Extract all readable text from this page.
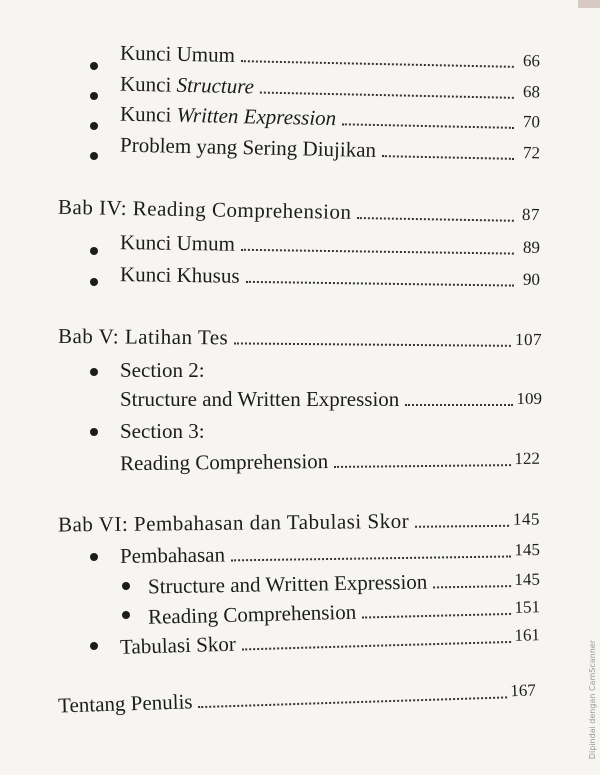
Kunci Umum	66
Kunci Structure	68
Kunci Written Expression	70
Problem yang Sering Diujikan	72
Bab IV: Reading Comprehension	87
Kunci Umum	89
Kunci Khusus	90
Bab V: Latihan Tes	107
Section 2:
Structure and Written Expression	109
Section 3:
Reading Comprehension	122
Bab VI: Pembahasan dan Tabulasi Skor	145
Pembahasan	145
Structure and Written Expression	145
Reading Comprehension	151
Tabulasi Skor	161
Tentang Penulis	167	Dipindai dengan CamScanner
